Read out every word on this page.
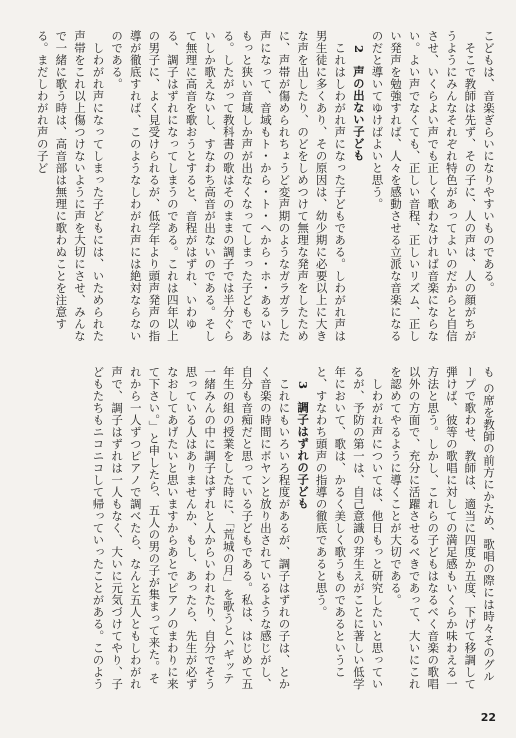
こどもは、音楽ぎらいになりやすいものである。

そこで教師は先ず、その子に、人の声は、人の顔がちがうようにみんなそれぞれ特色があってよいのだからと自信させ、いくらよい声でも正しく歌わなければ音楽にならない。よい声でなくても、正しい音程、正しいリズム、正しい発声を勉強すれば、人々を感動させる立派な音楽になるのだと導いてゆけばよいと思う。

2　声の出ない子ども

これはしわがれ声になった子どもである。しわがれ声は男生徒に多くあり、その原因は、幼少期に必要以上に大きな声を出したり、のどをしめつけて無理な発声をしたために、声帯が傷められちょうど変声期のようなガラガラした声になって、音域もト・から・ト・へから・ホ・あるいはもっと狭い音域しか声が出なくなってしまった子どもである。したがって教科書の歌はそのままの調子では半分ぐらいしか歌えないし、すなわち高音が出ないのである。そして無理に高音を歌おうとすると、音程がはずれ、いわゆる、調子はずれになってしまうのである。これは四年以上の男子に、よく見受けられるが、低学年より頭声発声の指導が徹底すれば、このようなしわがれ声には絶対ならないのである。

しわがれ声になってしまった子どもには、いためられた声帯をこれ以上傷つけないように声を大切にさせ、みんなで一緒に歌う時は、高音部は無理に歌わぬことを注意する。まだしわがれ声の子ど

も の席を教師の前方にかため、歌唱の際には時々そのグループで歌わせ、教師は、適当に四度か五度、下げて移調して弾けば、彼等の歌唱に対しての満足感もいくらか味わえる一方法と思う。しかし、これらの子どもはなるべく音楽の歌唱以外の方面で、充分に活躍させるべきであって、大いにこれを認めてやるように導くことが大切である。

しわがれ声については、他日もっと研究したいと思っているが、予防の第一は、自己意識の芽生えがことに著しい低学年において、歌は、かるく美しく歌うものであるということ、すなわち頭声の指導の徹底であると思う。

3　調子はずれの子ども

これにもいろいろ程度があるが、調子はずれの子は、とかく音楽の時間にボヤンと放り出されているような感じがし、自分も音痴だと思っている子どもである。私は、はじめて五年生の組の授業をした時に、「荒城の月」を歌うとハギッテ一緒みんの中に調子はずれと人からいわれたり、自分でそう思っている人はありませんか、もし、あったら、先生が必ずなおしてあげたいと思いますからあとでピアノのまわりに来て下さい。」と申したら、五人の男の子が集まって来た。それから一人ずつピアノで調べたら、なんと五人ともしわがれ声で、調子はずれは一人もなく、大いに元気づけてやり、子どもたちもニコニコして帰っていったことがある。このよう

22
